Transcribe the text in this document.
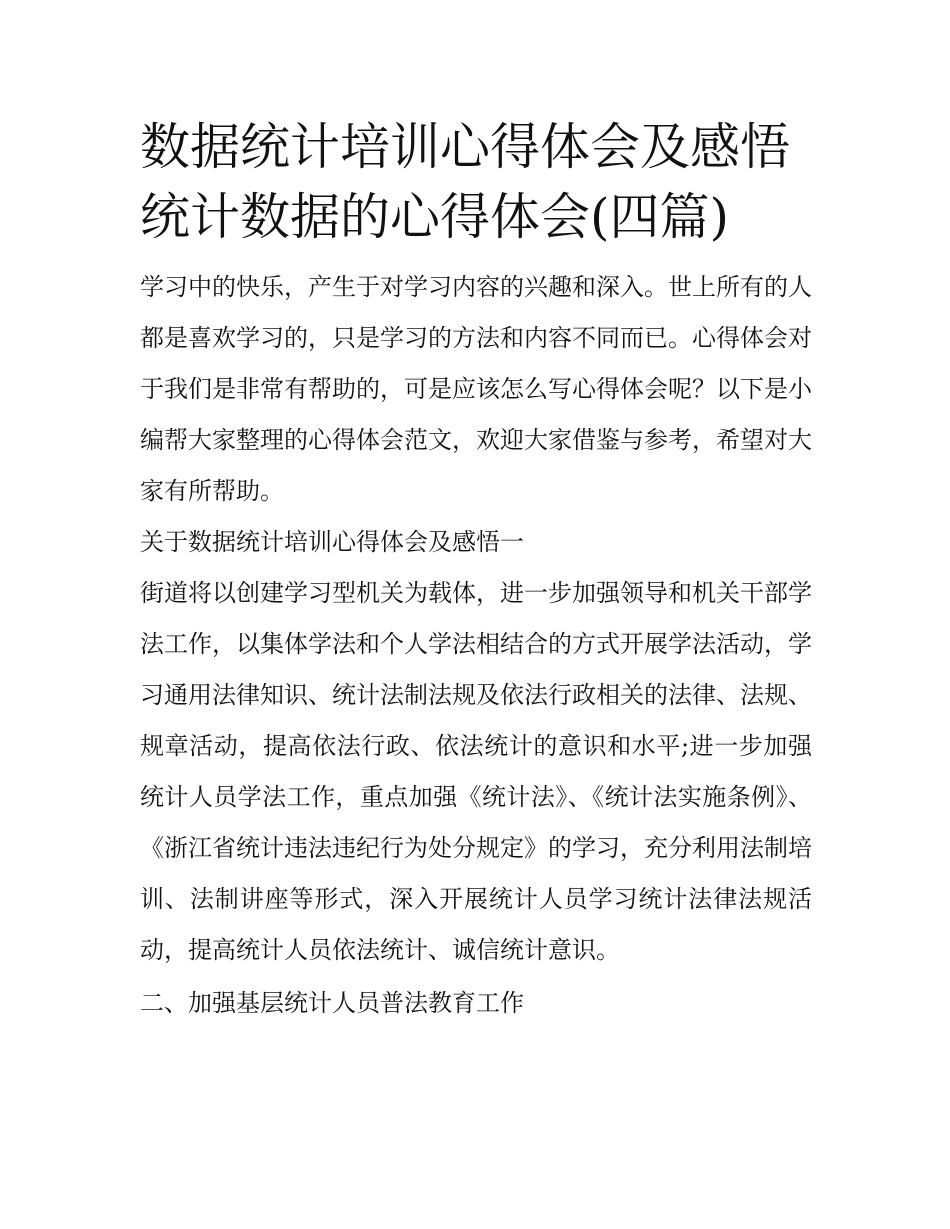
数据统计培训心得体会及感悟
统计数据的心得体会(四篇)

学习中的快乐，产生于对学习内容的兴趣和深入。世上所有的人都是喜欢学习的，只是学习的方法和内容不同而已。心得体会对于我们是非常有帮助的，可是应该怎么写心得体会呢？以下是小编帮大家整理的心得体会范文，欢迎大家借鉴与参考，希望对大家有所帮助。

关于数据统计培训心得体会及感悟一

街道将以创建学习型机关为载体，进一步加强领导和机关干部学法工作，以集体学法和个人学法相结合的方式开展学法活动，学习通用法律知识、统计法制法规及依法行政相关的法律、法规、规章活动，提高依法行政、依法统计的意识和水平;进一步加强统计人员学法工作，重点加强《统计法》、《统计法实施条例》、《浙江省统计违法违纪行为处分规定》的学习，充分利用法制培训、法制讲座等形式，深入开展统计人员学习统计法律法规活动，提高统计人员依法统计、诚信统计意识。

二、加强基层统计人员普法教育工作
